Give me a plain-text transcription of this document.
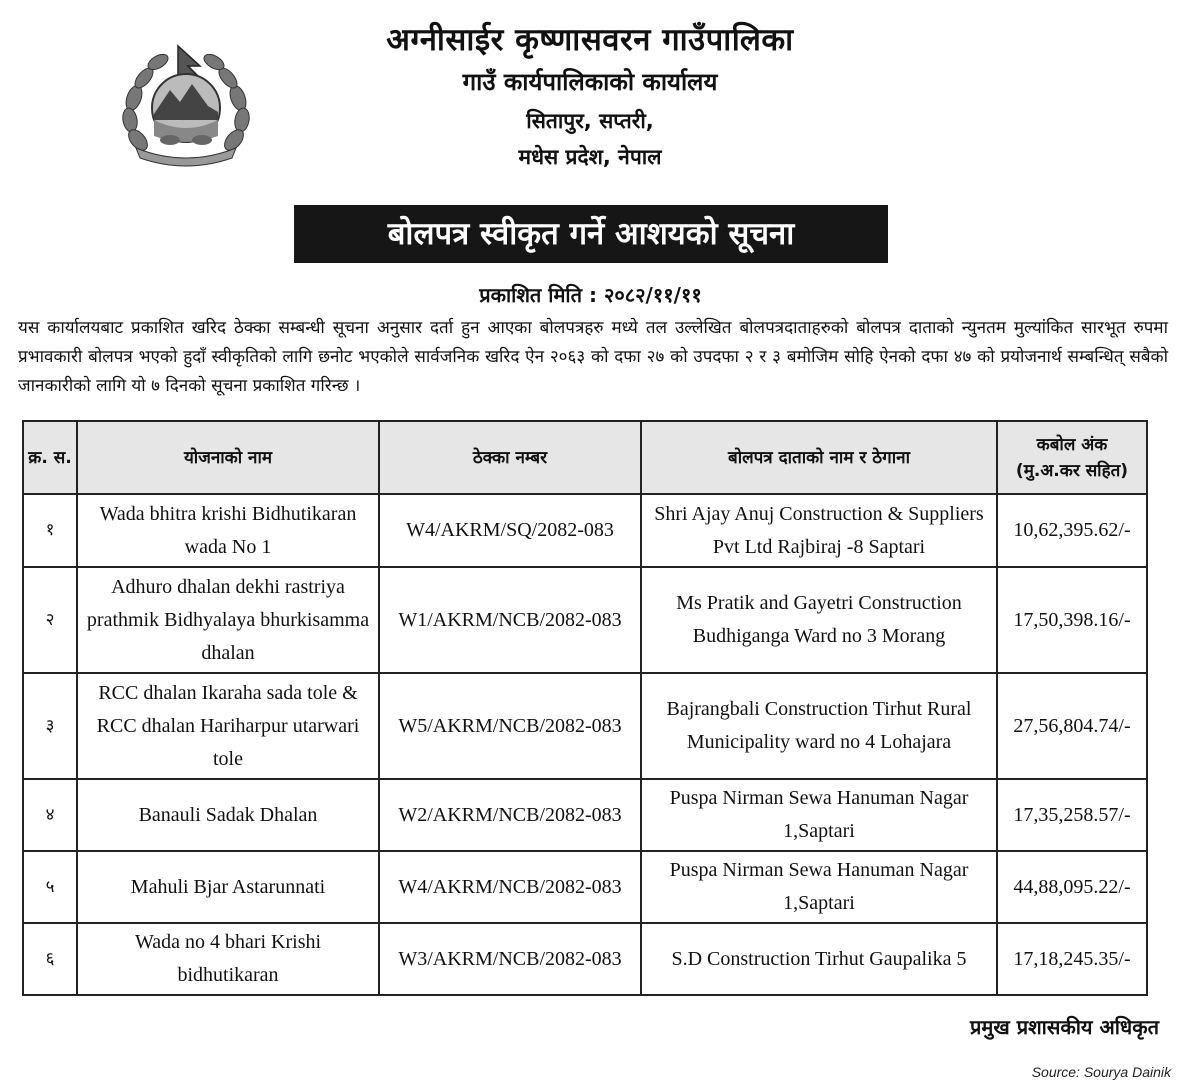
अग्नीसाईर कृष्णासवरन गाउँपालिका
गाउँ कार्यपालिकाको कार्यालय
सितापुर, सप्तरी,
मधेस प्रदेश, नेपाल
बोलपत्र स्वीकृत गर्ने आशयको सूचना
प्रकाशित मिति : २०८२/११/११
यस कार्यालयबाट प्रकाशित खरिद ठेक्का सम्बन्धी सूचना अनुसार दर्ता हुन आएका बोलपत्रहरु मध्ये तल उल्लेखित बोलपत्रदाताहरुको बोलपत्र दाताको न्युनतम मुल्यांकित सारभूत रुपमा प्रभावकारी बोलपत्र भएको हुदाँ स्वीकृतिको लागि छनोट भएकोले सार्वजनिक खरिद ऐन २०६३ को दफा २७ को उपदफा २ र ३ बमोजिम सोहि ऐनको दफा ४७ को प्रयोजनार्थ सम्बन्धित् सबैको जानकारीको लागि यो ७ दिनको सूचना प्रकाशित गरिन्छ ।
क्र. स.	योजनाको नाम	ठेक्का नम्बर	बोलपत्र दाताको नाम र ठेगाना	कबोल अंक (मु.अ.कर सहित)
१	Wada bhitra krishi Bidhutikaran wada No 1	W4/AKRM/SQ/2082-083	Shri Ajay Anuj Construction & Suppliers Pvt Ltd Rajbiraj -8 Saptari	10,62,395.62/-
२	Adhuro dhalan dekhi rastriya prathmik Bidhyalaya bhurkisamma dhalan	W1/AKRM/NCB/2082-083	Ms Pratik and Gayetri Construction Budhiganga Ward no 3 Morang	17,50,398.16/-
३	RCC dhalan Ikaraha sada tole & RCC dhalan Hariharpur utarwari tole	W5/AKRM/NCB/2082-083	Bajrangbali Construction Tirhut Rural Municipality ward no 4 Lohajara	27,56,804.74/-
४	Banauli Sadak Dhalan	W2/AKRM/NCB/2082-083	Puspa Nirman Sewa Hanuman Nagar 1,Saptari	17,35,258.57/-
५	Mahuli Bjar Astarunnati	W4/AKRM/NCB/2082-083	Puspa Nirman Sewa Hanuman Nagar 1,Saptari	44,88,095.22/-
६	Wada no 4 bhari Krishi bidhutikaran	W3/AKRM/NCB/2082-083	S.D Construction Tirhut Gaupalika 5	17,18,245.35/-
प्रमुख प्रशासकीय अधिकृत
Source: Sourya Dainik
